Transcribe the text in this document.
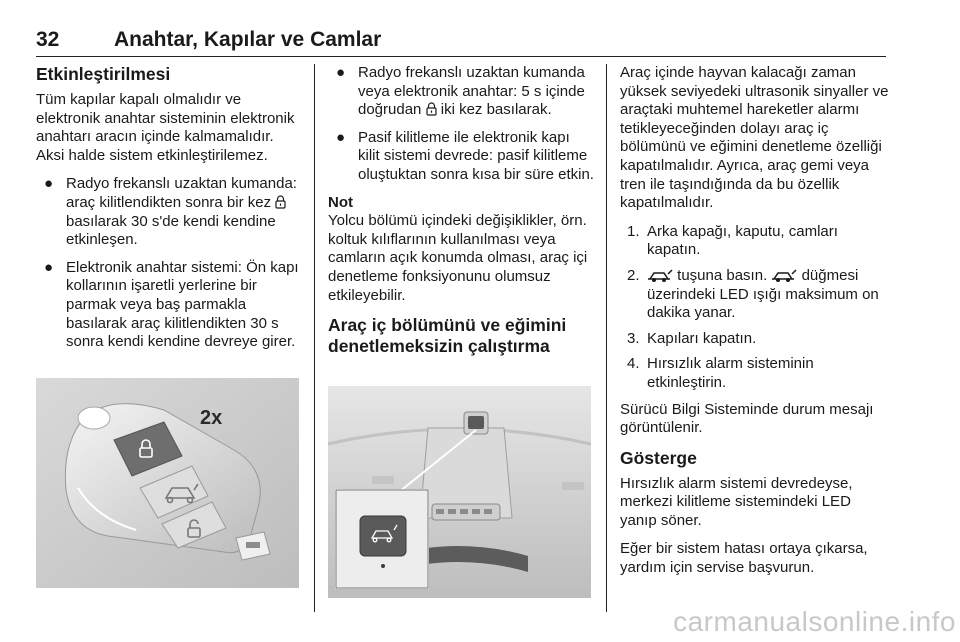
32	Anahtar, Kapılar ve Camlar
Etkinleştirilmesi

Tüm kapılar kapalı olmalıdır ve elektronik anahtar sisteminin elektronik anahtarı aracın içinde kalmamalıdır. Aksi halde sistem etkinleştirilemez.

● Radyo frekanslı uzaktan kumanda: araç kilitlendikten sonra bir kez  basılarak 30 s'de kendi kendine etkinleşen.
● Elektronik anahtar sistemi: Ön kapı kollarının işaretli yerlerine bir parmak veya baş parmakla basılarak araç kilitlendikten 30 s sonra kendi kendine devreye girer.
2x
● Radyo frekanslı uzaktan kumanda veya elektronik anahtar: 5 s içinde doğrudan iki kez basılarak.
● Pasif kilitleme ile elektronik kapı kilit sistemi devrede: pasif kilitleme oluştuktan sonra kısa bir süre etkin.
Not

Yolcu bölümü içindeki değişiklikler, örn. koltuk kılıflarının kullanılması veya camların açık konumda olması, araç içi denetleme fonksiyonunu olumsuz etkileyebilir.

Araç iç bölümünü ve eğimini denetlemeksizin çalıştırma

Araç içinde hayvan kalacağı zaman yüksek seviyedeki ultrasonik sinyaller ve araçtaki muhtemel hareketler alarmı tetikleyeceğinden dolayı araç iç bölümünü ve eğimini denetleme özelliği kapatılmalıdır. Ayrıca, araç gemi veya tren ile taşındığında da bu özellik kapatılmalıdır.

1. Arka kapağı, kaputu, camları kapatın.
2.	tuşuna basın. düğmesi üzerindeki LED ışığı maksimum on dakika yanar.
3. Kapıları kapatın.
4. Hırsızlık alarm sisteminin etkinleştirin.

Sürücü Bilgi Sisteminde durum mesajı görüntülenir.

Gösterge

Hırsızlık alarm sistemi devredeyse, merkezi kilitleme sistemindeki LED yanıp söner.

Eğer bir sistem hatası ortaya çıkarsa, yardım için servise başvurun.

carmanualsonline.info
